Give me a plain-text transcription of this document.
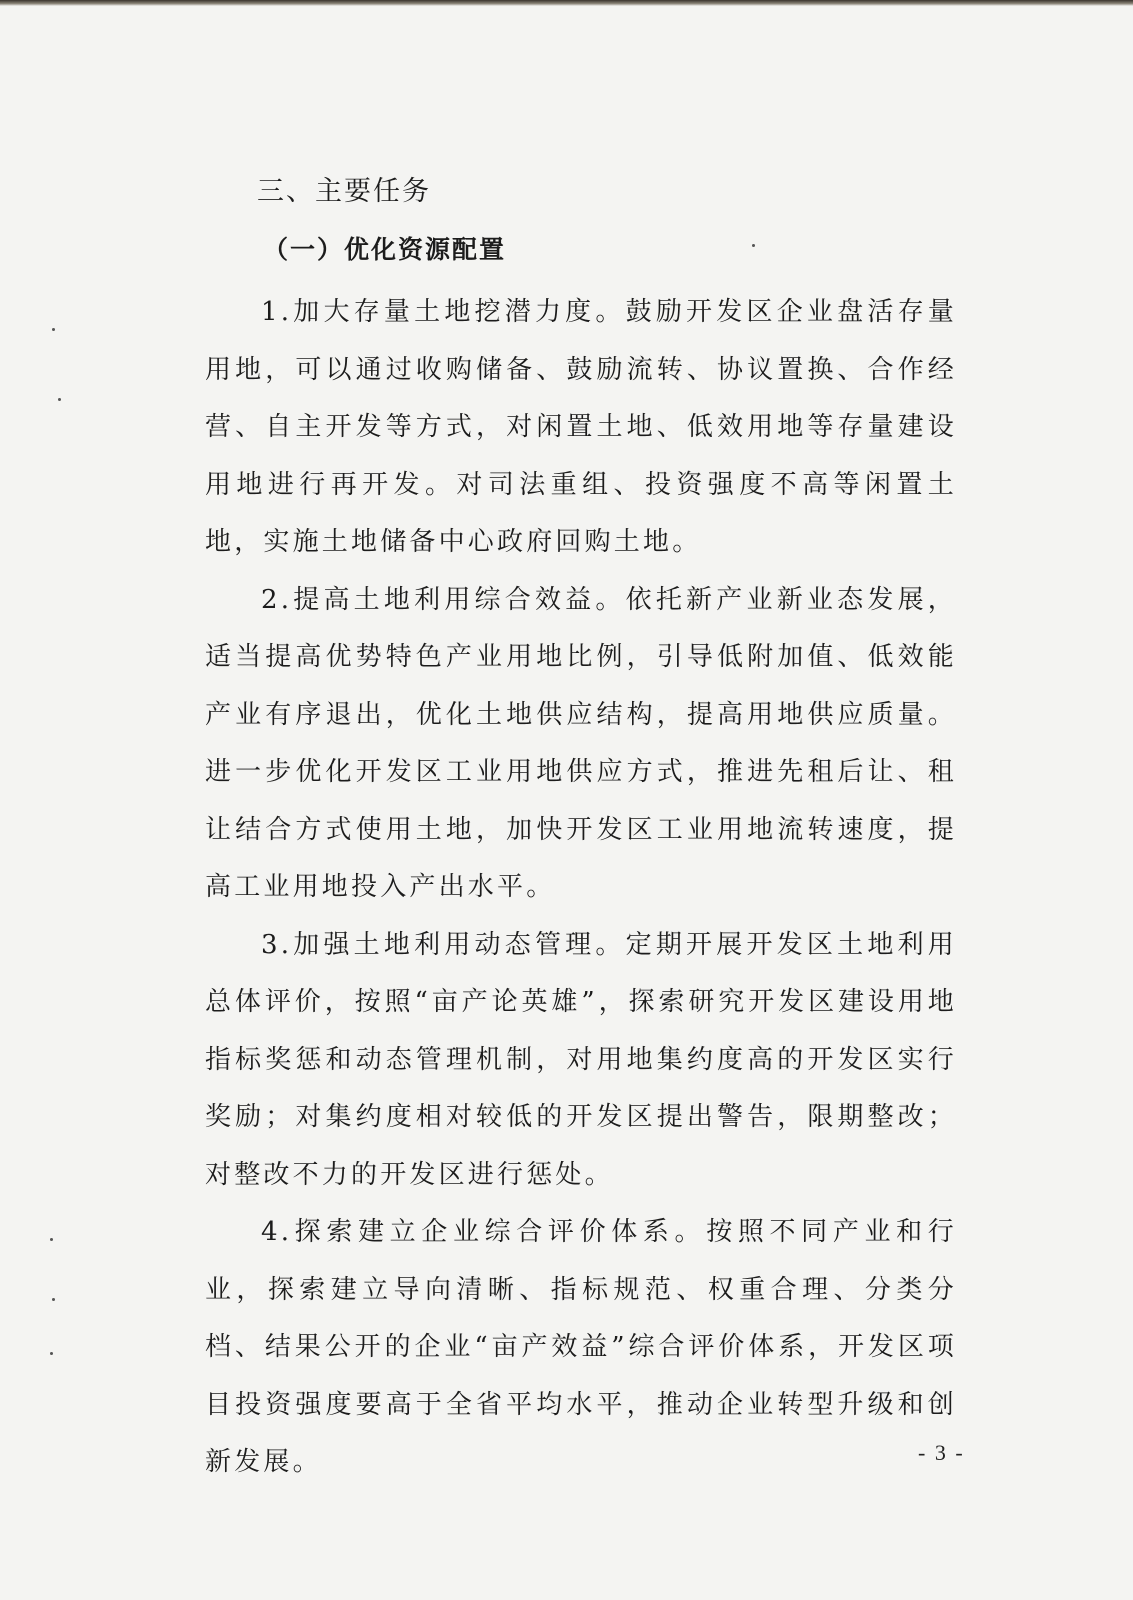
三、主要任务
（一）优化资源配置

1.加大存量土地挖潜力度。鼓励开发区企业盘活存量用地，可以通过收购储备、鼓励流转、协议置换、合作经营、自主开发等方式，对闲置土地、低效用地等存量建设用地进行再开发。对司法重组、投资强度不高等闲置土地，实施土地储备中心政府回购土地。

2.提高土地利用综合效益。依托新产业新业态发展，适当提高优势特色产业用地比例，引导低附加值、低效能产业有序退出，优化土地供应结构，提高用地供应质量。进一步优化开发区工业用地供应方式，推进先租后让、租让结合方式使用土地，加快开发区工业用地流转速度，提高工业用地投入产出水平。

3.加强土地利用动态管理。定期开展开发区土地利用总体评价，按照“亩产论英雄”，探索研究开发区建设用地指标奖惩和动态管理机制，对用地集约度高的开发区实行奖励；对集约度相对较低的开发区提出警告，限期整改；对整改不力的开发区进行惩处。

4.探索建立企业综合评价体系。按照不同产业和行业，探索建立导向清晰、指标规范、权重合理、分类分档、结果公开的企业“亩产效益”综合评价体系，开发区项目投资强度要高于全省平均水平，推动企业转型升级和创新发展。	- 3 -
